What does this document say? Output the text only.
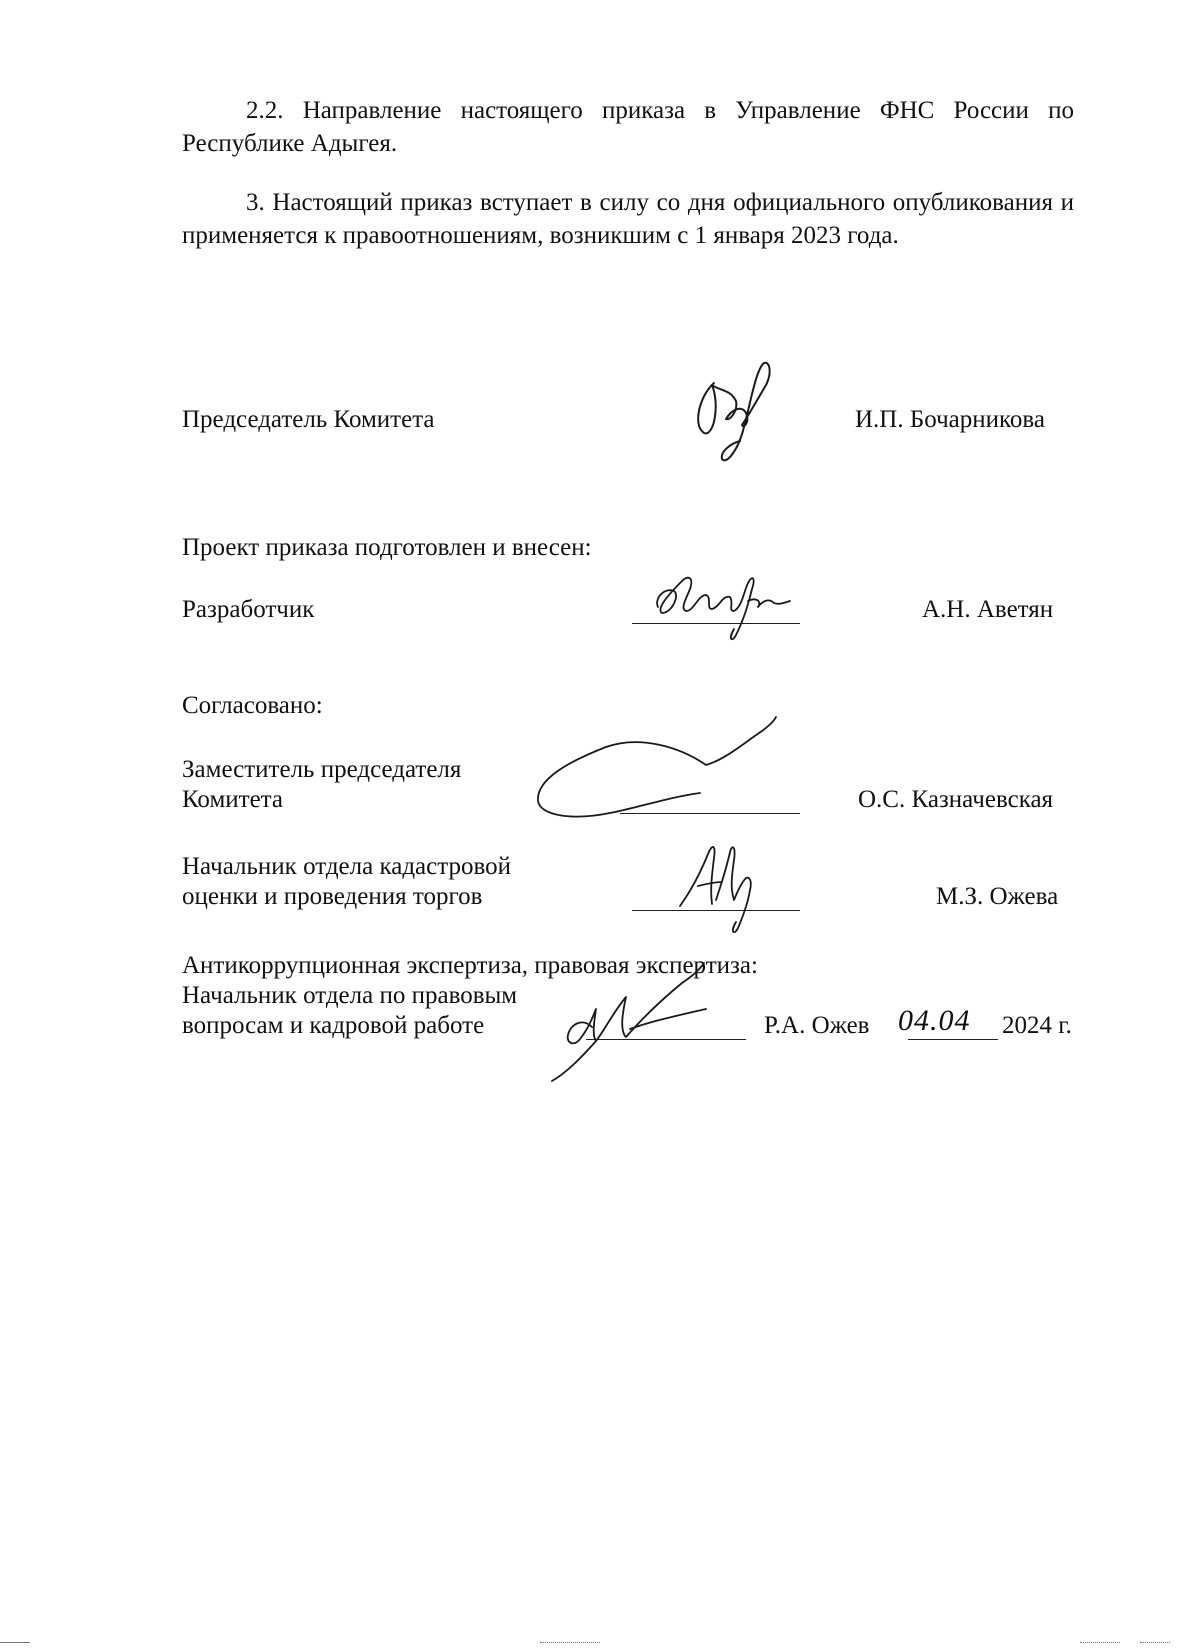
2.2. Направление настоящего приказа в Управление ФНС России по Республике Адыгея.

3. Настоящий приказ вступает в силу со дня официального опубликования и применяется к правоотношениям, возникшим с 1 января 2023 года.

Председатель Комитета	И.П. Бочарникова
Проект приказа подготовлен и внесен:
Разработчик	А.Н. Аветян
Согласовано:
Заместитель председателя
Комитета	О.С. Казначевская
Начальник отдела кадастровой
оценки и проведения торгов	М.З. Ожева
Антикоррупционная экспертиза, правовая экспертиза:
Начальник отдела по правовым
вопросам и кадровой работе	Р.А. Ожев 04.04 2024 г.
